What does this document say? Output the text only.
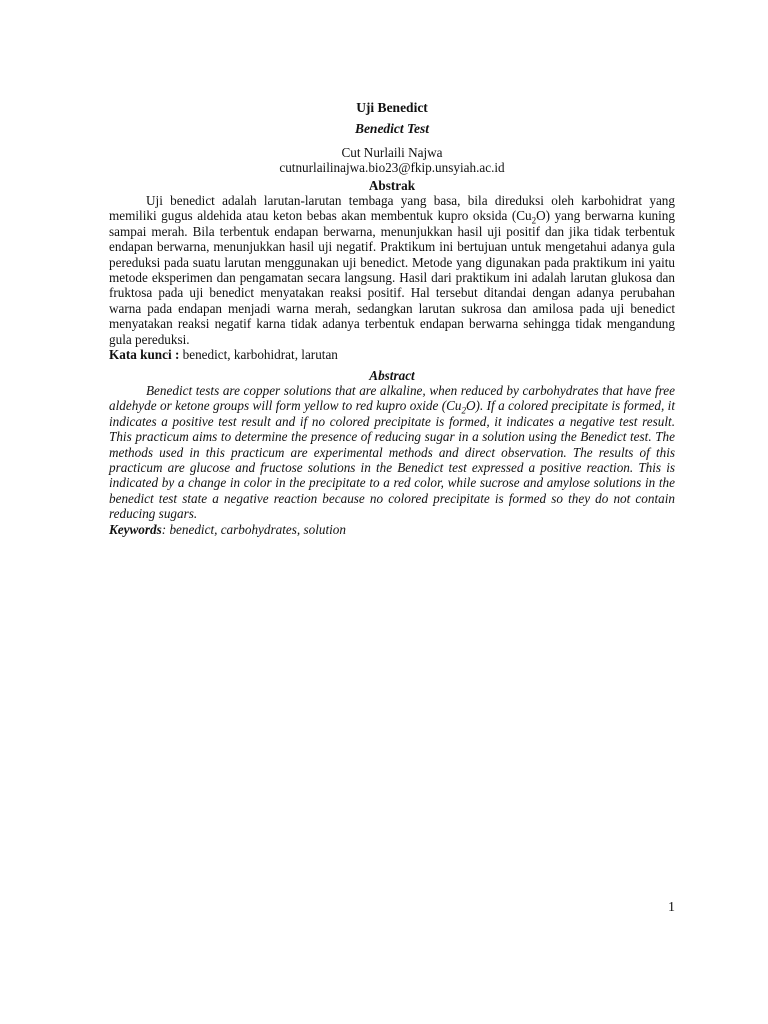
Uji Benedict

Benedict Test

Cut Nurlaili Najwa

cutnurlailinajwa.bio23@fkip.unsyiah.ac.id

Abstrak

Uji benedict adalah larutan-larutan tembaga yang basa, bila direduksi oleh karbohidrat yang memiliki gugus aldehida atau keton bebas akan membentuk kupro oksida $(Cu_2O)$ yang berwarna kuning sampai merah. Bila terbentuk endapan berwarna, menunjukkan hasil uji positif dan jika tidak terbentuk endapan berwarna, menunjukkan hasil uji negatif. Praktikum ini bertujuan untuk mengetahui adanya gula pereduksi pada suatu larutan menggunakan uji benedict. Metode yang digunakan pada praktikum ini yaitu metode eksperimen dan pengamatan secara langsung. Hasil dari praktikum ini adalah larutan glukosa dan fruktosa pada uji benedict menyatakan reaksi positif. Hal tersebut ditandai dengan adanya perubahan warna pada endapan menjadi warna merah, sedangkan larutan sukrosa dan amilosa pada uji benedict menyatakan reaksi negatif karna tidak adanya terbentuk endapan berwarna sehingga tidak mengandung gula pereduksi.

Kata kunci : benedict, karbohidrat, larutan

Abstract

Benedict tests are copper solutions that are alkaline, when reduced by carbohydrates that have free aldehyde or ketone groups will form yellow to red kupro oxide $(Cu_2O)$. If a colored precipitate is formed, it indicates a positive test result and if no colored precipitate is formed, it indicates a negative test result. This practicum aims to determine the presence of reducing sugar in a solution using the Benedict test. The methods used in this practicum are experimental methods and direct observation. The results of this practicum are glucose and fructose solutions in the Benedict test expressed a positive reaction. This is indicated by a change in color in the precipitate to a red color, while sucrose and amylose solutions in the benedict test state a negative reaction because no colored precipitate is formed so they do not contain reducing sugars.

Keywords: benedict, carbohydrates, solution

1
